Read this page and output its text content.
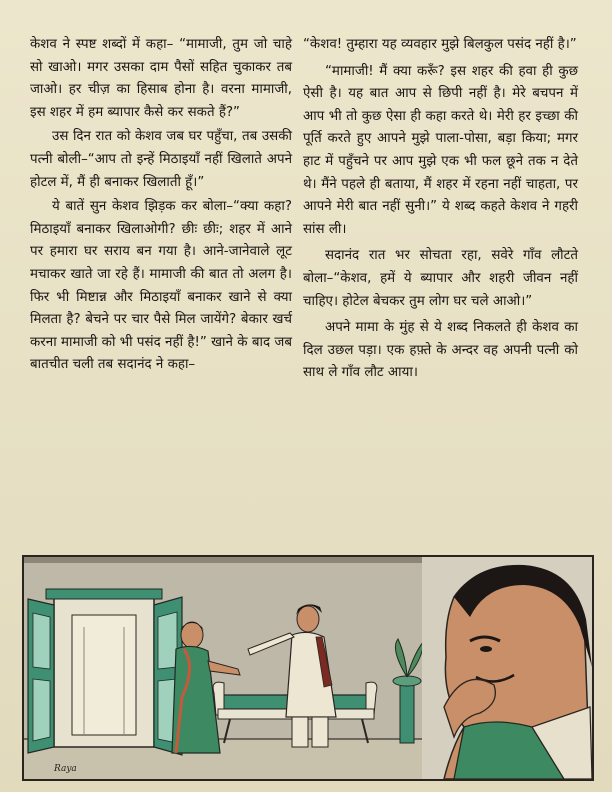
केशव ने स्पष्ट शब्दों में कहा– “मामाजी, तुम जो चाहे सो खाओ। मगर उसका दाम पैसों सहित चुकाकर तब जाओ। हर चीज़ का हिसाब होना है। वरना मामाजी, इस शहर में हम ब्यापार कैसे कर सकते हैं?”

उस दिन रात को केशव जब घर पहुँचा, तब उसकी पत्नी बोली–“आप तो इन्हें मिठाइयाँ नहीं खिलाते अपने होटल में, मैं ही बनाकर खिलाती हूँ।”

ये बातें सुन केशव झिड़क कर बोला–“क्या कहा? मिठाइयाँ बनाकर खिलाओगी? छीः छीः; शहर में आने पर हमारा घर सराय बन गया है। आने-जानेवाले लूट मचाकर खाते जा रहे हैं। मामाजी की बात तो अलग है। फिर भी मिष्टान्न और मिठाइयाँ बनाकर खाने से क्या मिलता है? बेचने पर चार पैसे मिल जायेंगे? बेकार खर्च करना मामाजी को भी पसंद नहीं है!” खाने के बाद जब बातचीत चली तब सदानंद ने कहा–

“केशव! तुम्हारा यह व्यवहार मुझे बिलकुल पसंद नहीं है।”

“मामाजी! मैं क्या करूँ? इस शहर की हवा ही कुछ ऐसी है। यह बात आप से छिपी नहीं है। मेरे बचपन में आप भी तो कुछ ऐसा ही कहा करते थे। मेरी हर इच्छा की पूर्ति करते हुए आपने मुझे पाला-पोसा, बड़ा किया; मगर हाट में पहुँचने पर आप मुझे एक भी फल छूने तक न देते थे। मैंने पहले ही बताया, मैं शहर में रहना नहीं चाहता, पर आपने मेरी बात नहीं सुनी।” ये शब्द कहते केशव ने गहरी सांस ली।

सदानंद रात भर सोचता रहा, सवेरे गाँव लौटते बोला–“केशव, हमें ये ब्यापार और शहरी जीवन नहीं चाहिए। होटेल बेचकर तुम लोग घर चले आओ।”

अपने मामा के मुंह से ये शब्द निकलते ही केशव का दिल उछल पड़ा। एक हफ़्ते के अन्दर वह अपनी पत्नी को साथ ले गाँव लौट आया।

Raya
